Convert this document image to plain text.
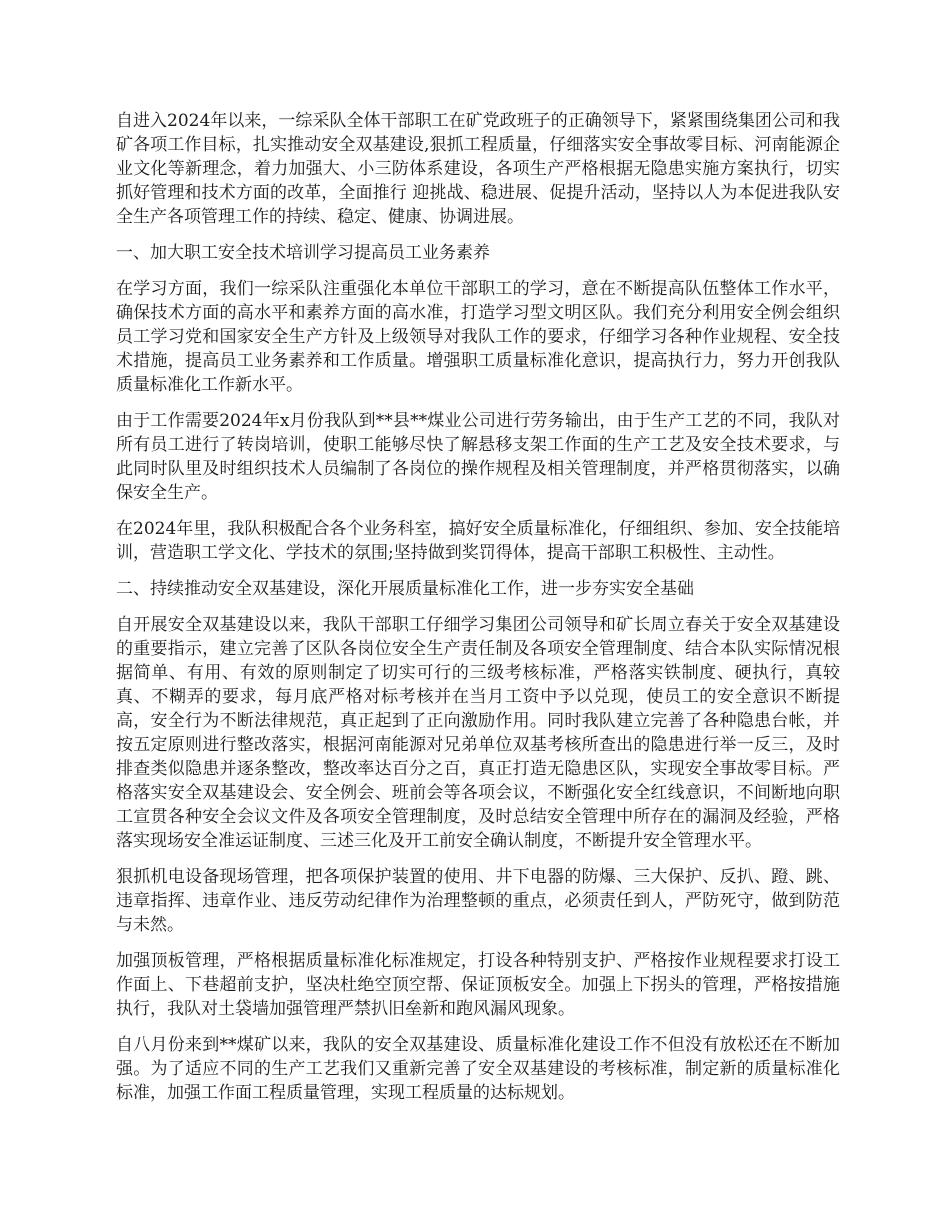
自进入2024年以来，一综采队全体干部职工在矿党政班子的正确领导下，紧紧围绕集团公司和我矿各项工作目标，扎实推动安全双基建设,狠抓工程质量，仔细落实安全事故零目标、河南能源企业文化等新理念，着力加强大、小三防体系建设，各项生产严格根据无隐患实施方案执行，切实抓好管理和技术方面的改革，全面推行 迎挑战、稳进展、促提升活动，坚持以人为本促进我队安全生产各项管理工作的持续、稳定、健康、协调进展。

一、加大职工安全技术培训学习提高员工业务素养

在学习方面，我们一综采队注重强化本单位干部职工的学习，意在不断提高队伍整体工作水平，确保技术方面的高水平和素养方面的高水准，打造学习型文明区队。我们充分利用安全例会组织员工学习党和国家安全生产方针及上级领导对我队工作的要求，仔细学习各种作业规程、安全技术措施，提高员工业务素养和工作质量。增强职工质量标准化意识，提高执行力，努力开创我队质量标准化工作新水平。

由于工作需要2024年x月份我队到**县**煤业公司进行劳务输出，由于生产工艺的不同，我队对所有员工进行了转岗培训，使职工能够尽快了解悬移支架工作面的生产工艺及安全技术要求，与此同时队里及时组织技术人员编制了各岗位的操作规程及相关管理制度，并严格贯彻落实，以确保安全生产。

在2024年里，我队积极配合各个业务科室，搞好安全质量标准化，仔细组织、参加、安全技能培训，营造职工学文化、学技术的氛围;坚持做到奖罚得体，提高干部职工积极性、主动性。

二、持续推动安全双基建设，深化开展质量标准化工作，进一步夯实安全基础

自开展安全双基建设以来，我队干部职工仔细学习集团公司领导和矿长周立春关于安全双基建设的重要指示，建立完善了区队各岗位安全生产责任制及各项安全管理制度、结合本队实际情况根据简单、有用、有效的原则制定了切实可行的三级考核标准，严格落实铁制度、硬执行，真较真、不糊弄的要求，每月底严格对标考核并在当月工资中予以兑现，使员工的安全意识不断提高，安全行为不断法律规范，真正起到了正向激励作用。同时我队建立完善了各种隐患台帐，并按五定原则进行整改落实，根据河南能源对兄弟单位双基考核所查出的隐患进行举一反三，及时排查类似隐患并逐条整改，整改率达百分之百，真正打造无隐患区队，实现安全事故零目标。严格落实安全双基建设会、安全例会、班前会等各项会议，不断强化安全红线意识，不间断地向职工宣贯各种安全会议文件及各项安全管理制度，及时总结安全管理中所存在的漏洞及经验，严格落实现场安全准运证制度、三述三化及开工前安全确认制度，不断提升安全管理水平。

狠抓机电设备现场管理，把各项保护装置的使用、井下电器的防爆、三大保护、反扒、蹬、跳、违章指挥、违章作业、违反劳动纪律作为治理整顿的重点，必须责任到人，严防死守，做到防范与未然。

加强顶板管理，严格根据质量标准化标准规定，打设各种特别支护、严格按作业规程要求打设工作面上、下巷超前支护，坚决杜绝空顶空帮、保证顶板安全。加强上下拐头的管理，严格按措施执行，我队对土袋墙加强管理严禁扒旧垒新和跑风漏风现象。

自八月份来到**煤矿以来，我队的安全双基建设、质量标准化建设工作不但没有放松还在不断加强。为了适应不同的生产工艺我们又重新完善了安全双基建设的考核标准，制定新的质量标准化标准，加强工作面工程质量管理，实现工程质量的达标规划。
